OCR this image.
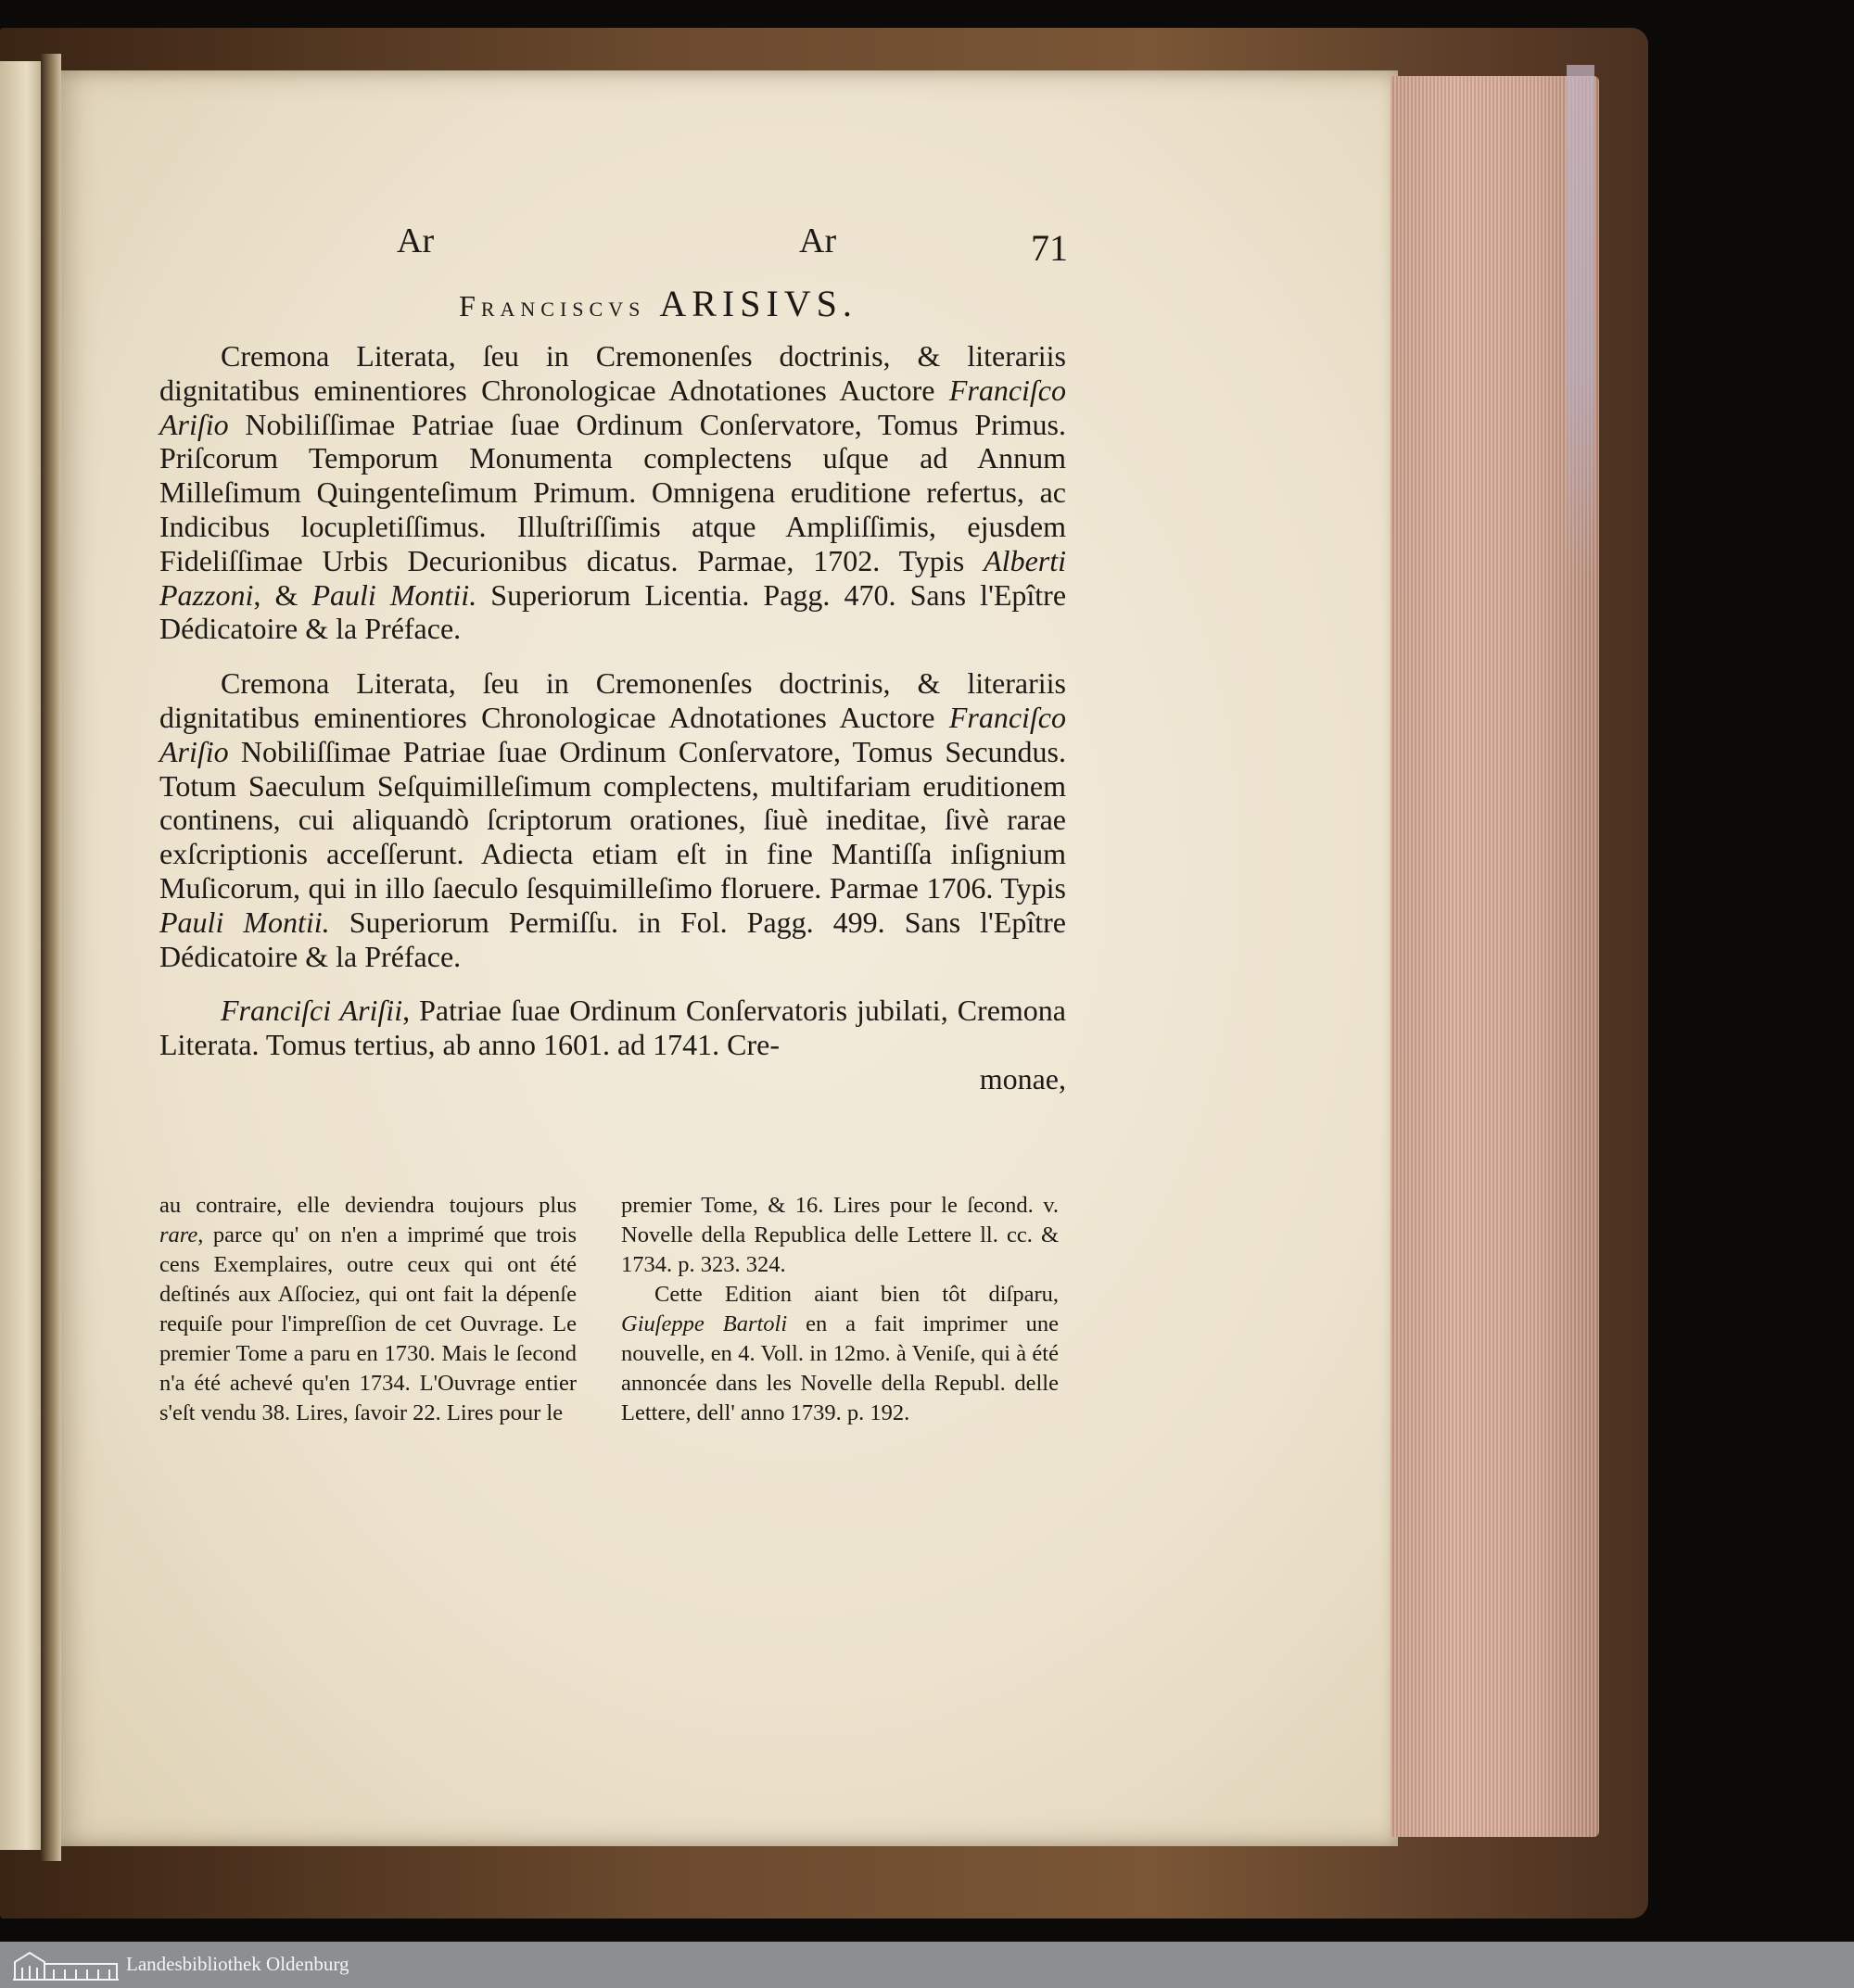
Ar	Ar	71
Franciscvs ARISIVS.

Cremona Literata, ſeu in Cremonenſes doctrinis, & literariis dignitatibus eminentiores Chronologicae Adnotationes Auctore Franciſco Ariſio Nobiliſſimae Patriae ſuae Ordinum Conſervatore, Tomus Primus. Priſcorum Temporum Monumenta complectens uſque ad Annum Milleſimum Quingenteſimum Primum. Omnigena eruditione refertus, ac Indicibus locupletiſſimus. Illuſtriſſimis atque Ampliſſimis, ejusdem Fideliſſimae Urbis Decurionibus dicatus. Parmae, 1702. Typis Alberti Pazzoni, & Pauli Montii. Superiorum Licentia. Pagg. 470. Sans l'Epître Dédicatoire & la Préface.

Cremona Literata, ſeu in Cremonenſes doctrinis, & literariis dignitatibus eminentiores Chronologicae Adnotationes Auctore Franciſco Ariſio Nobiliſſimae Patriae ſuae Ordinum Conſervatore, Tomus Secundus. Totum Saeculum Seſquimilleſimum complectens, multifariam eruditionem continens, cui aliquandò ſcriptorum orationes, ſiuè ineditae, ſivè rarae exſcriptionis acceſſerunt. Adiecta etiam eſt in fine Mantiſſa inſignium Muſicorum, qui in illo ſaeculo ſesquimilleſimo floruere. Parmae 1706. Typis Pauli Montii. Superiorum Permiſſu. in Fol. Pagg. 499. Sans l'Epître Dédicatoire & la Préface.

Franciſci Ariſii, Patriae ſuae Ordinum Conſervatoris jubilati, Cremona Literata. Tomus tertius, ab anno 1601. ad 1741. Cre-

monae,

au contraire, elle deviendra toujours plus rare, parce qu' on n'en a imprimé que trois cens Exemplaires, outre ceux qui ont été deſtinés aux Aſſociez, qui ont fait la dépenſe requiſe pour l'impreſſion de cet Ouvrage. Le premier Tome a paru en 1730. Mais le ſecond n'a été achevé qu'en 1734. L'Ouvrage entier s'eſt vendu 38. Lires, ſavoir 22. Lires pour le

premier Tome, & 16. Lires pour le ſecond. v. Novelle della Republica delle Lettere ll. cc. & 1734. p. 323. 324.

Cette Edition aiant bien tôt diſparu, Giuſeppe Bartoli en a fait imprimer une nouvelle, en 4. Voll. in 12mo. à Veniſe, qui à été annoncée dans les Novelle della Republ. delle Lettere, dell' anno 1739. p. 192.

Landesbibliothek Oldenburg
